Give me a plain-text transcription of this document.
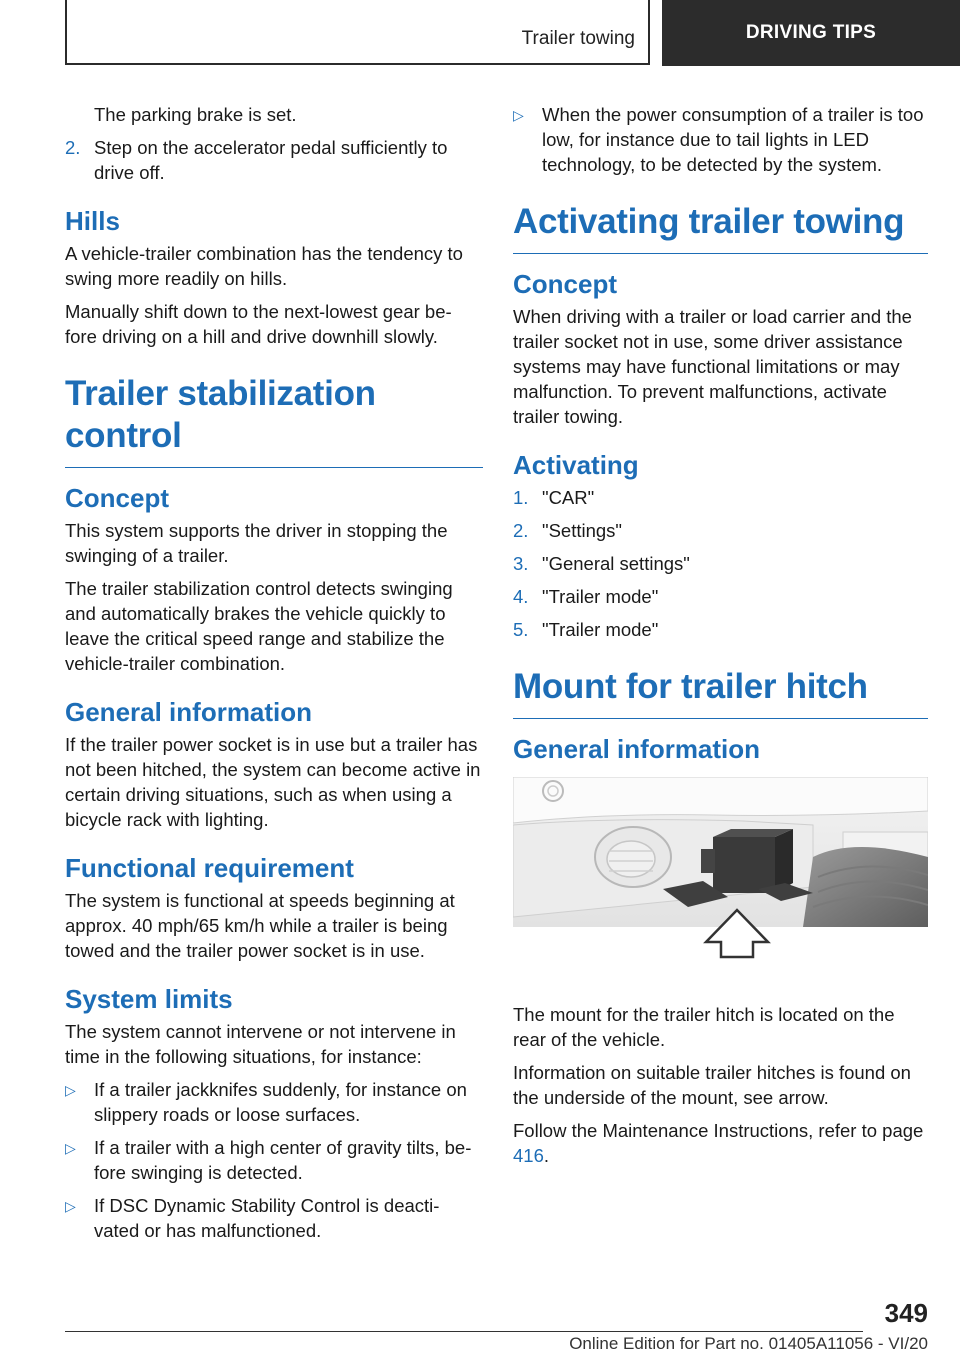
Trailer towing	DRIVING TIPS

The parking brake is set.

2. Step on the accelerator pedal sufficiently to drive off.
Hills

A vehicle-trailer combination has the tendency to swing more readily on hills.

Manually shift down to the next-lowest gear be‐fore driving on a hill and drive downhill slowly.

Trailer stabilization control
Concept

This system supports the driver in stopping the swinging of a trailer.

The trailer stabilization control detects swinging and automatically brakes the vehicle quickly to leave the critical speed range and stabilize the vehicle-trailer combination.

General information

If the trailer power socket is in use but a trailer has not been hitched, the system can become active in certain driving situations, such as when using a bicycle rack with lighting.

Functional requirement

The system is functional at speeds beginning at approx. 40 mph/65 km/h while a trailer is being towed and the trailer power socket is in use.

System limits

The system cannot intervene or not intervene in time in the following situations, for instance:

▷ If a trailer jackknifes suddenly, for instance on slippery roads or loose surfaces.
▷ If a trailer with a high center of gravity tilts, be‐fore swinging is detected.
▷ If DSC Dynamic Stability Control is deacti‐vated or has malfunctioned.
▷ When the power consumption of a trailer is too low, for instance due to tail lights in LED technology, to be detected by the system.
Activating trailer towing
Concept

When driving with a trailer or load carrier and the trailer socket not in use, some driver assistance systems may have functional limitations or may malfunction. To prevent malfunctions, activate trailer towing.

Activating
1. "CAR"
2. "Settings"
3. "General settings"
4. "Trailer mode"
5. "Trailer mode"
Mount for trailer hitch
General information

The mount for the trailer hitch is located on the rear of the vehicle.

Information on suitable trailer hitches is found on the underside of the mount, see arrow.

Follow the Maintenance Instructions, refer to page 416.

349
Online Edition for Part no. 01405A11056 - VI/20
